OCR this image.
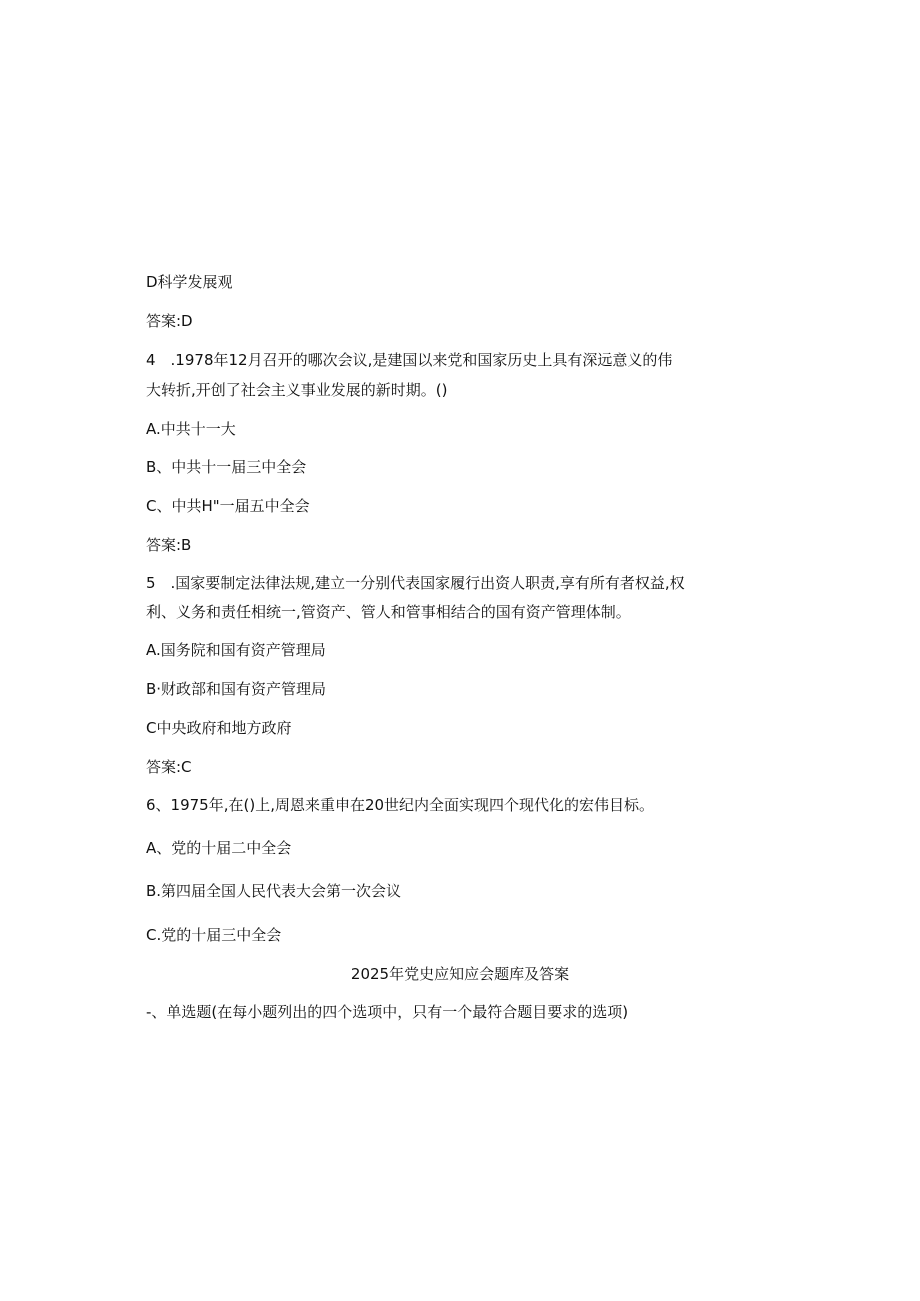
D科学发展观
答案:D
4 .1978年12月召开的哪次会议,是建国以来党和国家历史上具有深远意义的伟
大转折,开创了社会主义事业发展的新时期。()
A.中共十一大
B、中共十一届三中全会
C、中共H"一届五中全会
答案:B
5 .国家要制定法律法规,建立一分别代表国家履行出资人职责,享有所有者权益,权
利、义务和责任相统一,管资产、管人和管事相结合的国有资产管理体制。
A.国务院和国有资产管理局
B·财政部和国有资产管理局
C中央政府和地方政府
答案:C
6、1975年,在()上,周恩来重申在20世纪内全面实现四个现代化的宏伟目标。
A、党的十届二中全会
B.第四届全国人民代表大会第一次会议
C.党的十届三中全会
2025年党史应知应会题库及答案
-、单选题(在每小题列出的四个选项中，只有一个最符合题目要求的选项)
